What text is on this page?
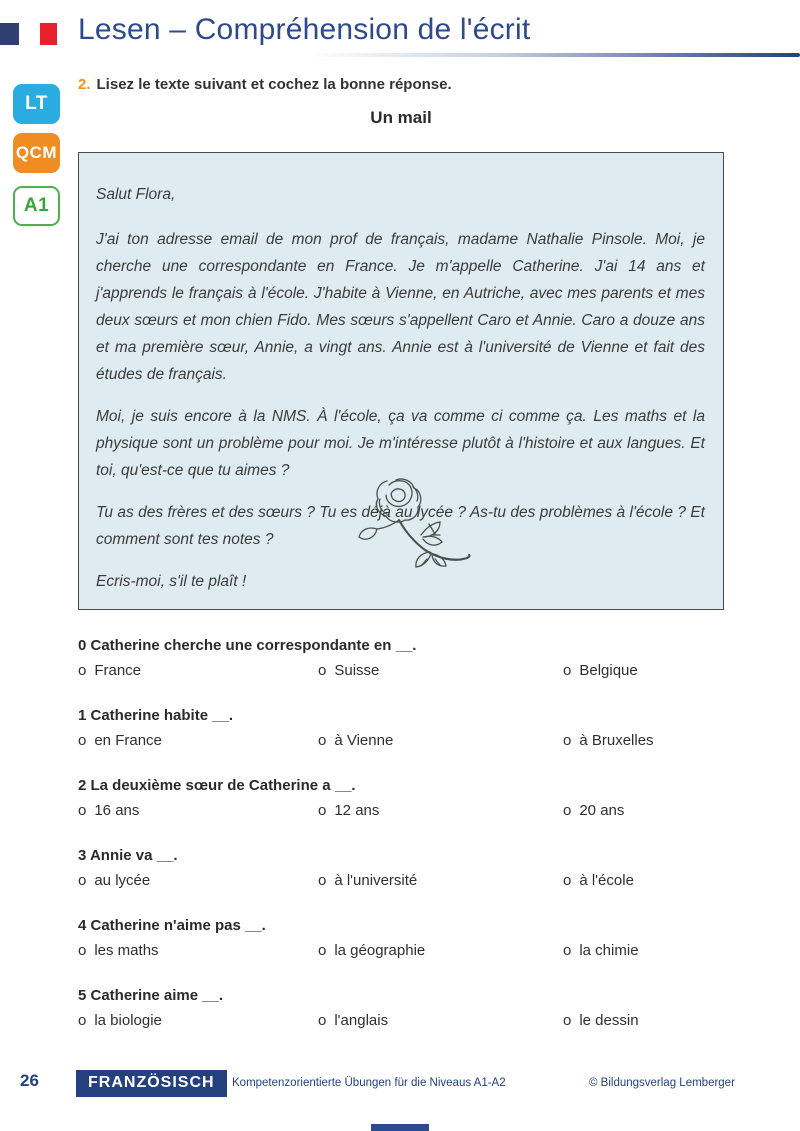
Lesen – Compréhension de l'écrit
LT
QCM
A1
2. Lisez le texte suivant et cochez la bonne réponse.
Un mail

Salut Flora,

J'ai ton adresse email de mon prof de français, madame Nathalie Pinsole. Moi, je cherche une correspondante en France. Je m'appelle Catherine. J'ai 14 ans et j'apprends le français à l'école. J'habite à Vienne, en Autriche, avec mes parents et mes deux sœurs et mon chien Fido. Mes sœurs s'appellent Caro et Annie. Caro a douze ans et ma première sœur, Annie, a vingt ans. Annie est à l'université de Vienne et fait des études de français.

Moi, je suis encore à la NMS. À l'école, ça va comme ci comme ça. Les maths et la physique sont un problème pour moi. Je m'intéresse plutôt à l'histoire et aux langues. Et toi, qu'est-ce que tu aimes ?

Tu as des frères et des sœurs ? Tu es déjà au lycée ? As-tu des problèmes à l'école ? Et comment sont tes notes ?

Ecris-moi, s'il te plaît !

0 Catherine cherche une correspondante en __.
o France	o Suisse	o Belgique
1 Catherine habite __.
o en France	o à Vienne	o à Bruxelles
2 La deuxième sœur de Catherine a __.
o 16 ans	o 12 ans	o 20 ans
3 Annie va __.
o au lycée	o à l'université	o à l'école
4 Catherine n'aime pas __.
o les maths	o la géographie	o la chimie
5 Catherine aime __.
o la biologie	o l'anglais	o le dessin
26	FRANZÖSISCH	Kompetenzorientierte Übungen für die Niveaus A1-A2	© Bildungsverlag Lemberger
